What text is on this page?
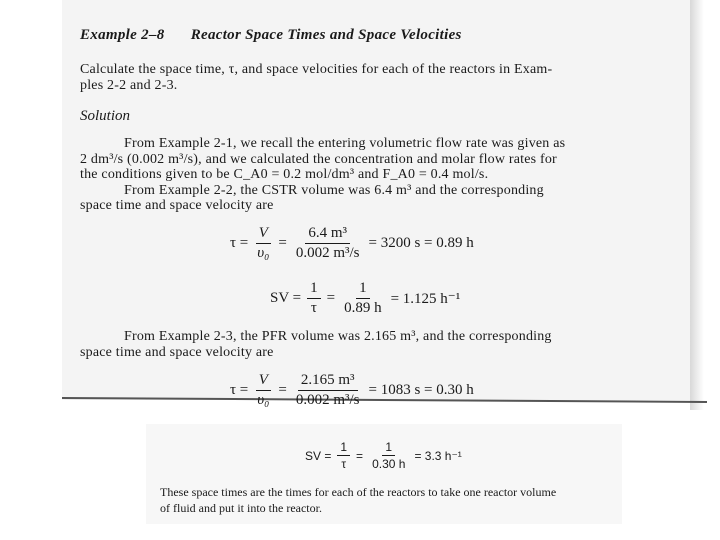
Example 2–8 Reactor Space Times and Space Velocities
Calculate the space time, τ, and space velocities for each of the reactors in Exam-
ples 2-2 and 2-3.
Solution
From Example 2-1, we recall the entering volumetric flow rate was given as
2 dm³/s (0.002 m³/s), and we calculated the concentration and molar flow rates for
the conditions given to be C_A0 = 0.2 mol/dm³ and F_A0 = 0.4 mol/s.
From Example 2-2, the CSTR volume was 6.4 m³ and the corresponding
space time and space velocity are
$\tau = \frac{V}{\text{υ₀}} = \frac{\text{6.4 m³}}{\text{0.002 m³/s}} = 3200$ s = 0.89 h
SV = $\frac{1}{\tau} = \frac{1}{0.89 h} = 1.125$ h⁻¹
From Example 2-3, the PFR volume was 2.165 m³, and the corresponding
space time and space velocity are
$\tau = \frac{V}{\text{υ₀}} = \frac{\text{2.165 m³}}{\text{0.002 m³/s}} = 1083$ s = 0.30 h
SV = $\frac{1}{\tau} = \frac{1}{0.30 h} = 3.3$ h⁻¹
These space times are the times for each of the reactors to take one reactor volume
of fluid and put it into the reactor.
